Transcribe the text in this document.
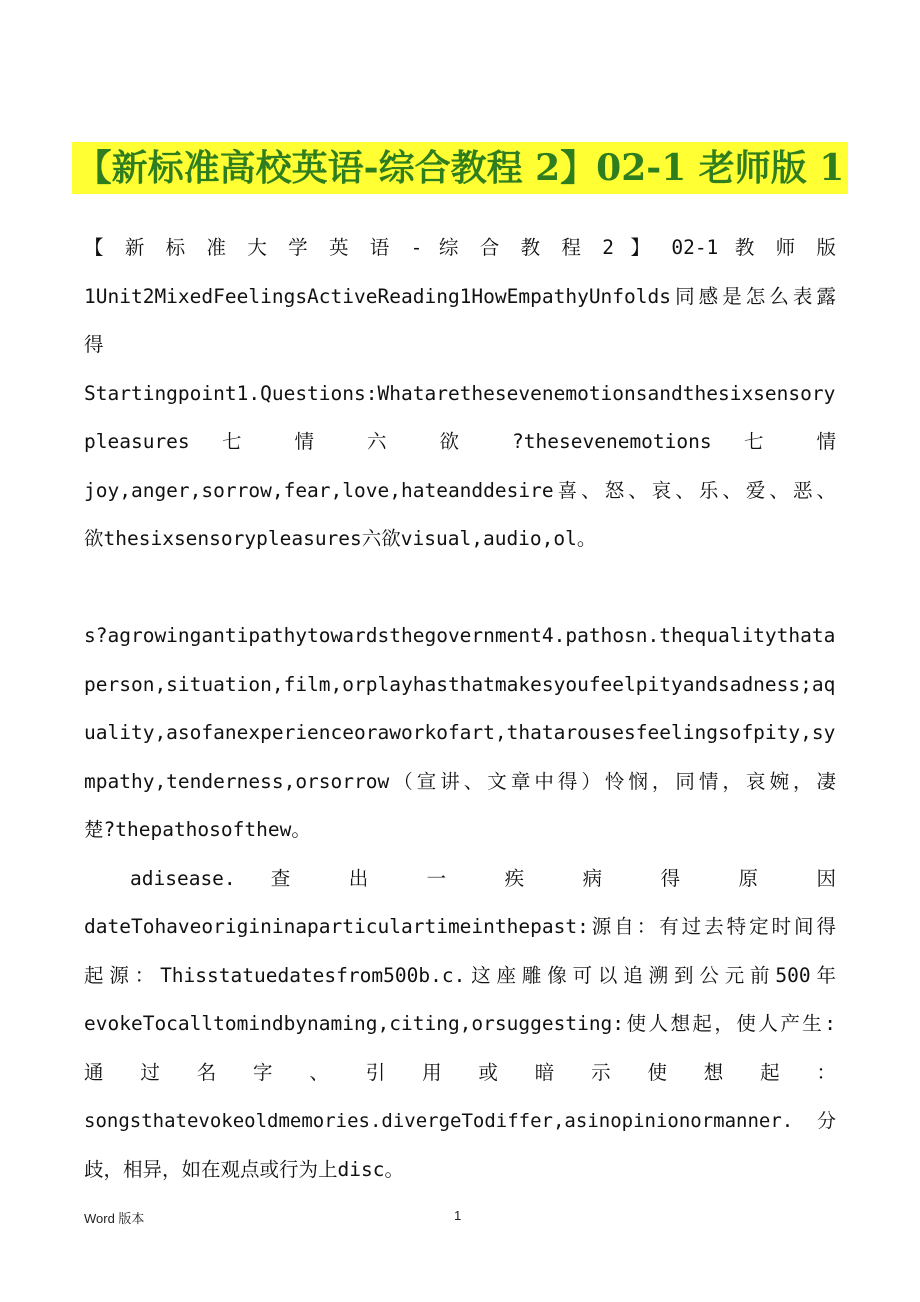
【新标准高校英语-综合教程 2】02-1 老师版 1
【 新 标 准 大 学 英 语 - 综 合 教 程 2 】 02-1 教 师 版
1Unit2MixedFeelingsActiveReading1HowEmpathyUnfolds同感是怎么表露
得
Startingpoint1.Questions:Whatarethesevenemotionsandthesixsensory
pleasures 七 情 六 欲 ?thesevenemotions 七 情
joy,anger,sorrow,fear,love,hateanddesire喜、怒、哀、乐、爱、恶、
欲thesixsensorypleasures六欲visual,audio,ol。
s?agrowingantipathytowardsthegovernment4.pathosn.thequalitythata
person,situation,film,orplayhasthatmakesyoufeelpityandsadness;aq
uality,asofanexperienceoraworkofart,thatarousesfeelingsofpity,sy
mpathy,tenderness,orsorrow（宣讲、文章中得）怜悯，同情，哀婉，凄
楚?thepathosofthew。
adisease. 查 出 一 疾 病 得 原 因
dateTohaveorigininaparticulartimeinthepast:源自：有过去特定时间得
起源：Thisstatuedatesfrom500b.c.这座雕像可以追溯到公元前500年
evokeTocalltomindbynaming,citing,orsuggesting:使人想起，使人产生:
通 过 名 字 、 引 用 或 暗 示 使 想 起 ：
songsthatevokeoldmemories.divergeTodiffer,asinopinionormanner. 分
歧，相异，如在观点或行为上disc。
Word 版本	1
